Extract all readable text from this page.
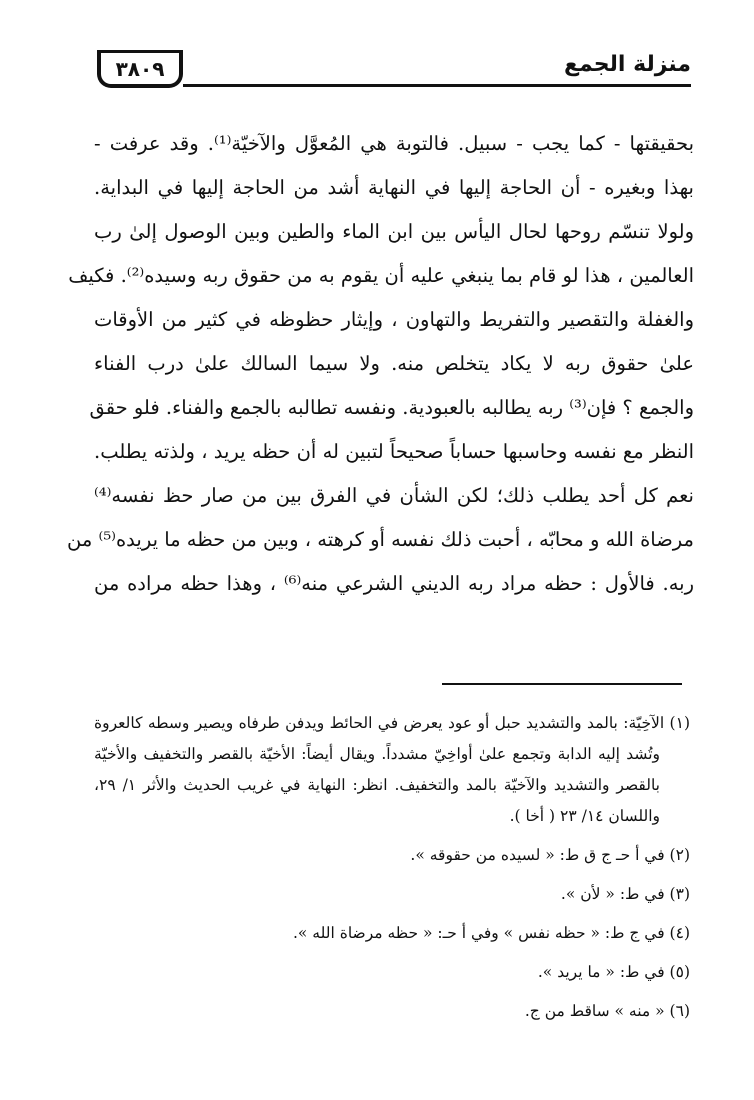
٣٨٠٩	منزلة الجمع
بحقيقتها - كما يجب - سبيل. فالتوبة هي المُعوَّل والآخيّة⁽¹⁾. وقد عرفت -
بهذا وبغيره - أن الحاجة إليها في النهاية أشد من الحاجة إليها في البداية.
ولولا تنسّم روحها لحال اليأس بين ابن الماء والطين وبين الوصول إلىٰ رب
العالمين ، هذا لو قام بما ينبغي عليه أن يقوم به من حقوق ربه وسيده⁽²⁾. فكيف
والغفلة والتقصير والتفريط والتهاون ، وإيثار حظوظه في كثير من الأوقات
علىٰ حقوق ربه لا يكاد يتخلص منه. ولا سيما السالك علىٰ درب الفناء
والجمع ؟ فإن⁽³⁾ ربه يطالبه بالعبودية. ونفسه تطالبه بالجمع والفناء. فلو حقق
النظر مع نفسه وحاسبها حساباً صحيحاً لتبين له أن حظه يريد ، ولذته يطلب.
نعم كل أحد يطلب ذلك؛ لكن الشأن في الفرق بين من صار حظ نفسه⁽⁴⁾
مرضاة الله و محابّه ، أحبت ذلك نفسه أو كرهته ، وبين من حظه ما يريده⁽⁵⁾ من
ربه. فالأول : حظه مراد ربه الديني الشرعي منه⁽⁶⁾ ، وهذا حظه مراده من
(١) الآخِيّة: بالمد والتشديد حبل أو عود يعرض في الحائط ويدفن طرفاه ويصير وسطه كالعروة
وتُشد إليه الدابة وتجمع علىٰ أواخِيّ مشدداً. ويقال أيضاً: الأخيّة بالقصر والتخفيف والأخيّة
بالقصر والتشديد والآخيّة بالمد والتخفيف. انظر: النهاية في غريب الحديث والأثر ١/ ٢٩،
واللسان ١٤/ ٢٣ ( أخا ).
(٢) في أ حـ ج ق ط: « لسيده من حقوقه ».
(٣) في ط: « لأن ».
(٤) في ج ط: « حظه نفس » وفي أ حـ: « حظه مرضاة الله ».
(٥) في ط: « ما يريد ».
(٦) « منه » ساقط من ج.
